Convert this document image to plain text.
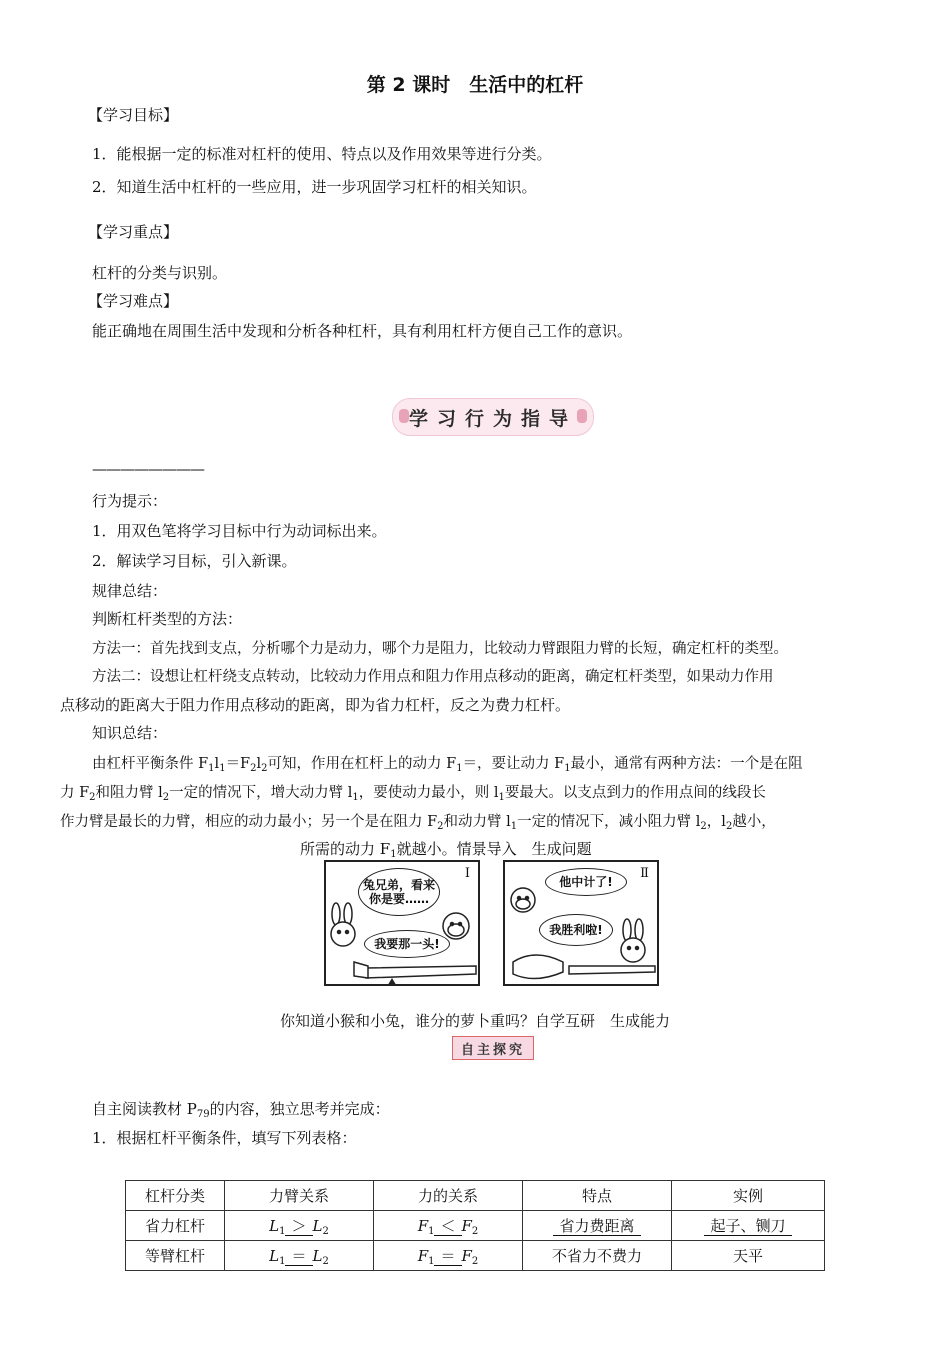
第 2 课时　生活中的杠杆
【学习目标】
1．能根据一定的标准对杠杆的使用、特点以及作用效果等进行分类。
2．知道生活中杠杆的一些应用，进一步巩固学习杠杆的相关知识。
【学习重点】
杠杆的分类与识别。
【学习难点】
能正确地在周围生活中发现和分析各种杠杆，具有利用杠杆方便自己工作的意识。
学习行为指导
————————
行为提示：
1．用双色笔将学习目标中行为动词标出来。
2．解读学习目标，引入新课。
规律总结：
判断杠杆类型的方法：
方法一：首先找到支点，分析哪个力是动力，哪个力是阻力，比较动力臂跟阻力臂的长短，确定杠杆的类型。
方法二：设想让杠杆绕支点转动，比较动力作用点和阻力作用点移动的距离，确定杠杆类型，如果动力作用
点移动的距离大于阻力作用点移动的距离，即为省力杠杆，反之为费力杠杆。
知识总结：
由杠杆平衡条件 $F_1l_1=F_2l_2$可知，作用在杠杆上的动力 $F_1=$，要让动力 $F_1$最小，通常有两种方法：一个是在阻
力 $F_2$和阻力臂 $l_2$一定的情况下，增大动力臂 $l_1$，要使动力最小，则 $l_1$要最大。以支点到力的作用点间的线段长
作力臂是最长的力臂，相应的动力最小；另一个是在阻力 $F_2$和动力臂 $l_1$一定的情况下，减小阻力臂 $l_2$，$l_2$越小，
所需的动力 $F_1$就越小。情景导入　生成问题
I
兔兄弟，看来你是要……
我要那一头!
Ⅱ
他中计了!
我胜利啦!
你知道小猴和小兔，谁分的萝卜重吗？自学互研　生成能力
自主探究
自主阅读教材 $P_{79}$的内容，独立思考并完成：
1．根据杠杆平衡条件，填写下列表格：
杠杆分类	力臂关系	力的关系	特点	实例
省力杠杆	$L_1 > L_2$	$F_1 < F_2$	省力费距离	起子、铡刀
等臂杠杆	$L_1 = L_2$	$F_1 = F_2$	不省力不费力	天平
